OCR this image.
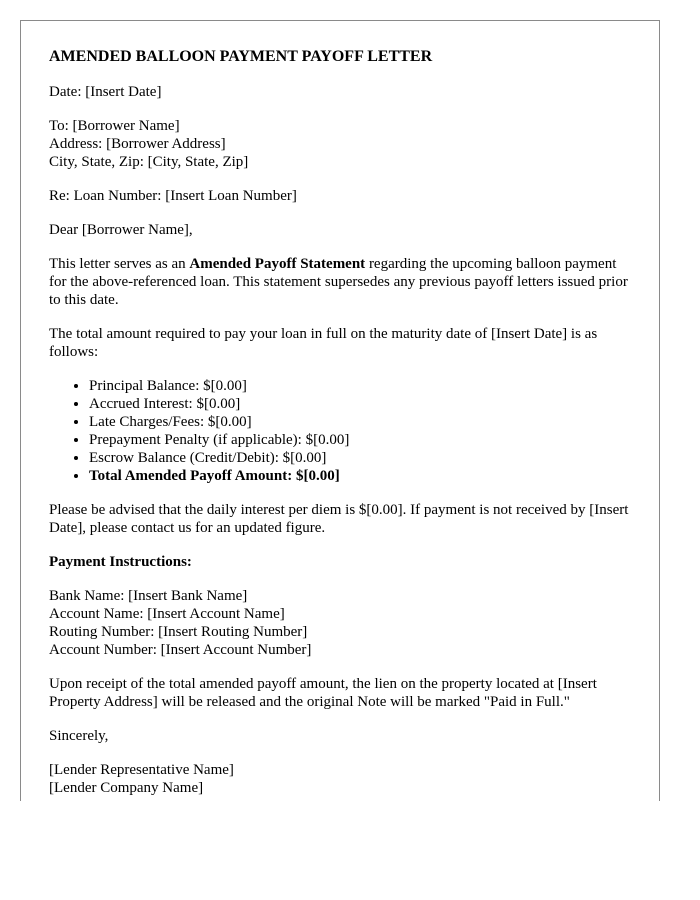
AMENDED BALLOON PAYMENT PAYOFF LETTER

Date: [Insert Date]

To: [Borrower Name]
Address: [Borrower Address]
City, State, Zip: [City, State, Zip]

Re: Loan Number: [Insert Loan Number]

Dear [Borrower Name],

This letter serves as an Amended Payoff Statement regarding the upcoming balloon payment for the above-referenced loan. This statement supersedes any previous payoff letters issued prior to this date.

The total amount required to pay your loan in full on the maturity date of [Insert Date] is as follows:

• Principal Balance: $[0.00]
• Accrued Interest: $[0.00]
• Late Charges/Fees: $[0.00]
• Prepayment Penalty (if applicable): $[0.00]
• Escrow Balance (Credit/Debit): $[0.00]
• Total Amended Payoff Amount: $[0.00]

Please be advised that the daily interest per diem is $[0.00]. If payment is not received by [Insert Date], please contact us for an updated figure.

Payment Instructions:

Bank Name: [Insert Bank Name]
Account Name: [Insert Account Name]
Routing Number: [Insert Routing Number]
Account Number: [Insert Account Number]

Upon receipt of the total amended payoff amount, the lien on the property located at [Insert Property Address] will be released and the original Note will be marked "Paid in Full."

Sincerely,

[Lender Representative Name]
[Lender Company Name]
